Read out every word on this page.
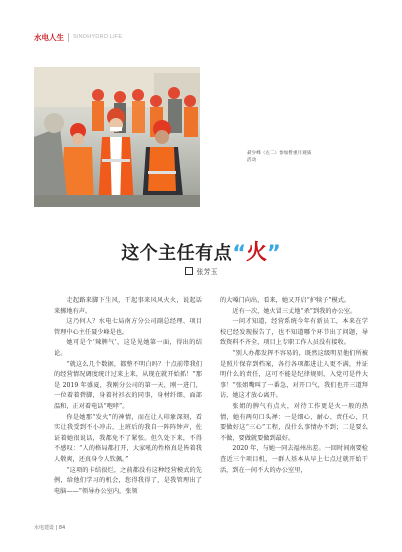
水电人生 SINOHYDRO LIFE
聂少峰（左二）参加暂重月观质活动
这个主任有点“火”
张芳玉

走起路来脚下生风，干起事来风风火火，说起话来掷地有声。

这乃何人？水电七局南方分公司副总经理、项目管理中心主任聂少峰是也。

她可是个‘辣脾气’，这是见她第一面，得出的结论。

“就这么几个数据，都整不明白吗？十点前带我们的经营情况调度统计过来上来，从现在就开始抓！”那是 2019 年盛夏，我刚分公司的第一天，刚一进门，一位着着碧脚，身着衬衫衣的同事，身材纤细、面部温和，正对着电话“咆哮”。

你是她那“发火”的神情，而在让人印象深刻，看实让我受到不小冲击，上班后的我自一阵阵钟声，佐证着她很说话，我都免不了紧张。但久处下来，不得不感叹：“人的格局都打开，大家吼的性格真是皆着我人敬爽，还真身令人钦佩。”

“这项的卡结很烂，之前都没有这种经营模式的先例，给他们学习的机会，您得我得了，是我管理出了电脑——”领导办公室内，张领

的大嗓门向出，看来，她又开启“护犊子”模式。

近有一次，她火冒三丈地“杀”到我的办公室。

一问才知道，经营系统今年有新员工，本来在学校已经发现报告了，也不知道哪个环节出了问题，导致资料不齐全，项目上专职工作人员没有接收。

“别人办都发挥不容易的，既然这级明星他们所被是照片保存到档案，各行各项都进让人更不满，并证明什么的责任，这可不能是纪律规则，入党可是件大事！”张姐嘴叫了一番急，对开口气，我们也开三道拜访，她这才放心离开。

张姐的脾气有点火，对待工作更是火一般的热情，她有两句口头禅：一是细心、耐心、责任心，只要做好这“三心”工程，没什么事情办不到；二是要么不做，要做就要做到最好。

2020 年，与她一同去福州出差。一回时间南要检查近三个项目机，一群人基本从早上七点过就开始干活，到在一间不大的办公室里，

水电建设 | 84
